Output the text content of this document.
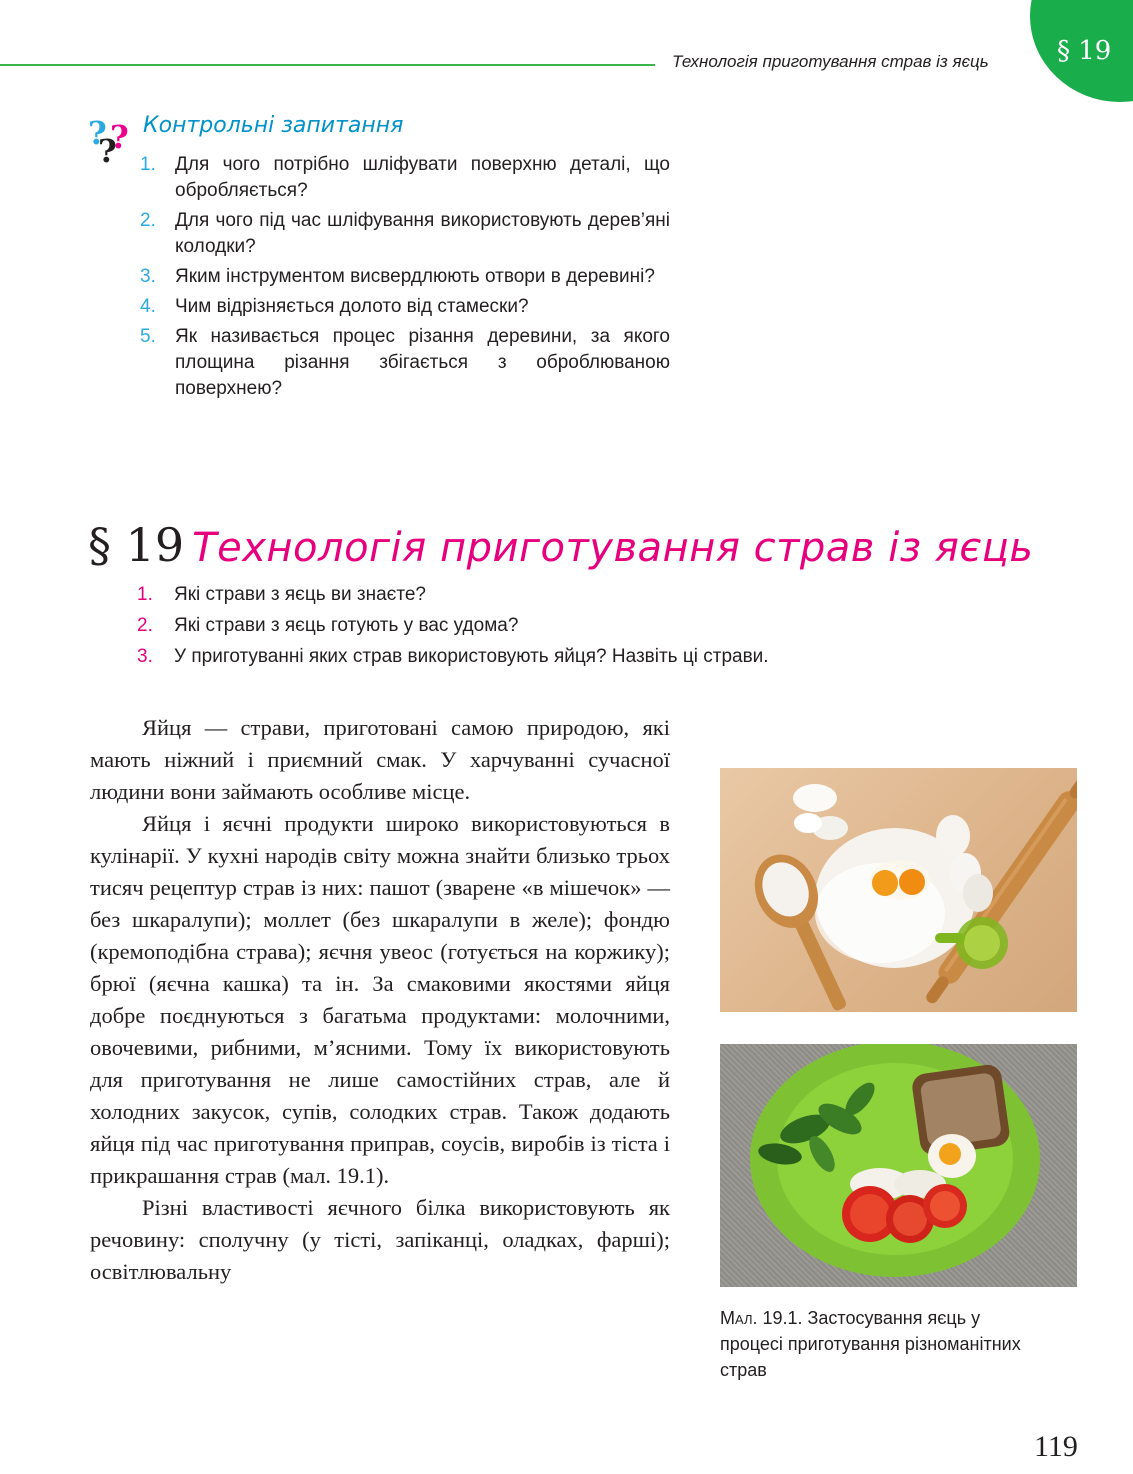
Технологія приготування страв із яєць	§ 19
?
?
? Контрольні запитання
1.	Для чого потрібно шліфувати поверхню деталі, що обробляється?
2.	Для чого під час шліфування використовують дерев’яні колодки?
3.	Яким інструментом висвердлюють отвори в деревині?
4.	Чим відрізняється долото від стамески?
5.	Як називається процес різання деревини, за якого площина різання збігається з оброблюваною поверхнею?
§ 19 Технологія приготування страв із яєць
1.	Які страви з яєць ви знаєте?
2.	Які страви з яєць готують у вас удома?
3.	У приготуванні яких страв використовують яйця? Назвіть ці страви.

Яйця — страви, приготовані самою природою, які мають ніжний і приємний смак. У харчуванні сучасної людини вони займають особливе місце.

Яйця і яєчні продукти широко використовуються в кулінарії. У кухні народів світу можна знайти близько трьох тисяч рецептур страв із них: пашот (зварене «в мішечок» — без шкаралупи); моллет (без шкаралупи в желе); фондю (кремоподібна страва); яєчня увеос (готується на коржику); брюї (яєчна кашка) та ін. За смаковими якостями яйця добре поєднуються з багатьма продуктами: молочними, овочевими, рибними, м’ясними. Тому їх використовують для приготування не лише самостійних страв, але й холодних закусок, супів, солодких страв. Також додають яйця під час приготування приправ, соусів, виробів із тіста і прикрашання страв (мал. 19.1).

Різні властивості яєчного білка використовують як речовину: сполучну (у тісті, запіканці, оладках, фарші); освітлювальну

Мал. 19.1. Застосування яєць у процесі приготування різноманітних страв
119
